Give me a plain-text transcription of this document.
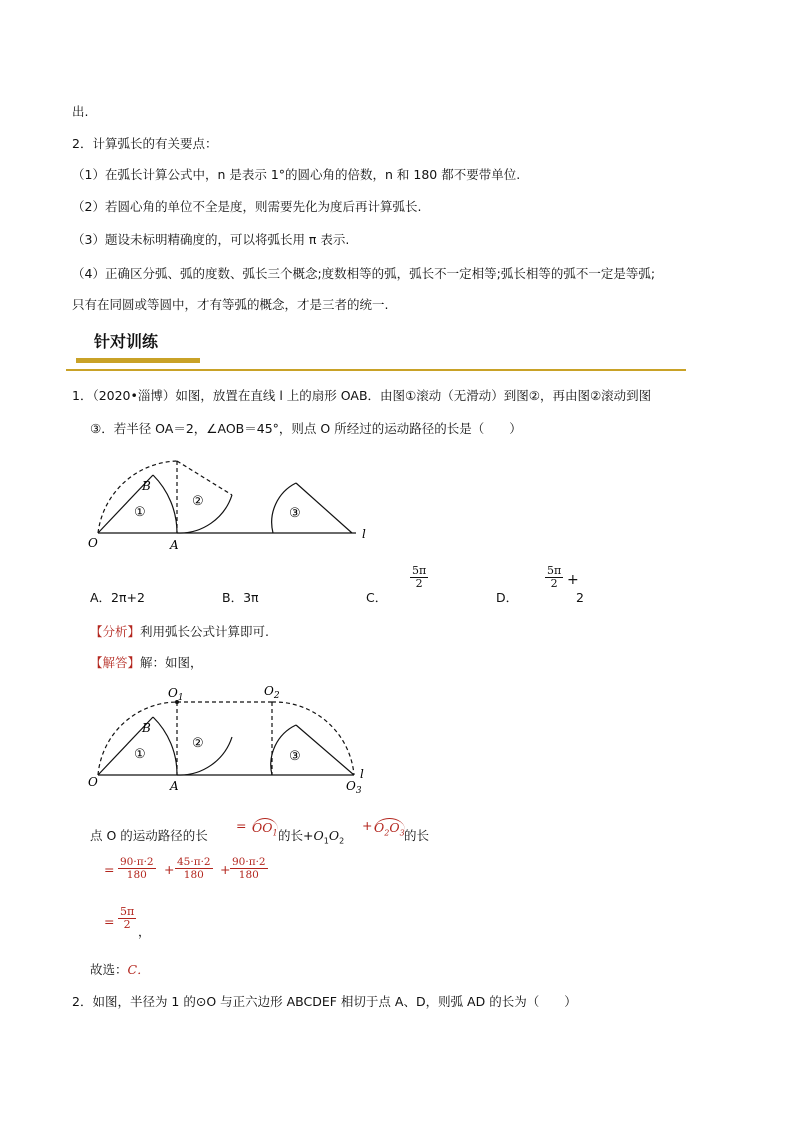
出.
2．计算弧长的有关要点：
（1）在弧长计算公式中，n 是表示 1°的圆心角的倍数，n 和 180 都不要带单位.
（2）若圆心角的单位不全是度，则需要先化为度后再计算弧长.
（3）题设未标明精确度的，可以将弧长用 π 表示.
（4）正确区分弧、弧的度数、弧长三个概念;度数相等的弧，弧长不一定相等;弧长相等的弧不一定是等弧;
只有在同圆或等圆中，才有等弧的概念，才是三者的统一.
针对训练
1．（2020•淄博）如图，放置在直线 l 上的扇形 OAB．由图①滚动（无滑动）到图②，再由图②滚动到图
③．若半径 OA＝2，∠AOB＝45°，则点 O 所经过的运动路径的长是（　　）
O	A
B
l
①
②
③
A．2π+2	B．3π	C．
5π
2
D．
5π
2 +
2
【分析】利用弧长公式计算即可.
【解答】解：如图，
$O_1$	$O_2$
O	A
B
l
$O_3$
①
②
③
点 O 的运动路径的长
= $OO_1$ 的长$+O_1O_2$
+ $O_2O_3$ 的长
= 90·π·2
180 + 45·π·2
180 + 90·π·2
180
=
5π
2 ，
故选：C．
2．如图，半径为 1 的⊙O 与正六边形 ABCDEF 相切于点 A、D，则弧 AD 的长为（　　）
